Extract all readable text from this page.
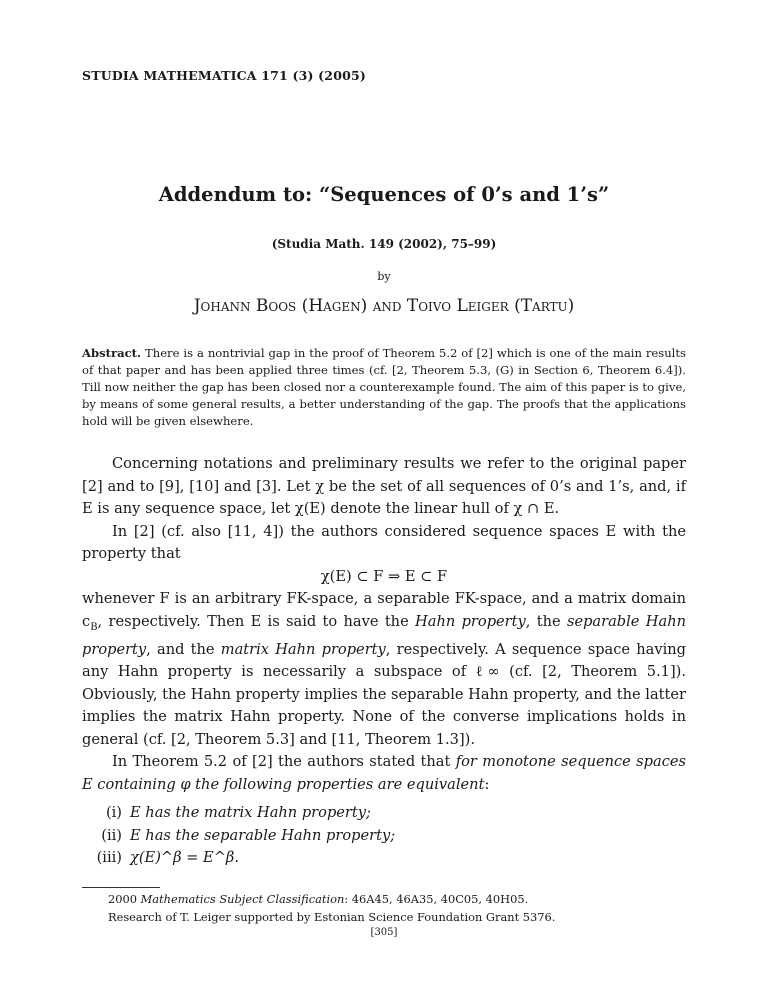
STUDIA MATHEMATICA 171 (3) (2005)
Addendum to: “Sequences of 0’s and 1’s”
(Studia Math. 149 (2002), 75–99)
by
Johann Boos (Hagen) and Toivo Leiger (Tartu)

Abstract. There is a nontrivial gap in the proof of Theorem 5.2 of [2] which is one of the main results of that paper and has been applied three times (cf. [2, Theorem 5.3, (G) in Section 6, Theorem 6.4]). Till now neither the gap has been closed nor a counterexample found. The aim of this paper is to give, by means of some general results, a better understanding of the gap. The proofs that the applications hold will be given elsewhere.

Concerning notations and preliminary results we refer to the original paper [2] and to [9], [10] and [3]. Let χ be the set of all sequences of 0’s and 1’s, and, if E is any sequence space, let χ(E) denote the linear hull of χ ∩ E.

In [2] (cf. also [11, 4]) the authors considered sequence spaces E with the property that

χ(E) ⊂ F ⇒ E ⊂ F

whenever F is an arbitrary FK-space, a separable FK-space, and a matrix domain $c_B$, respectively. Then E is said to have the Hahn property, the separable Hahn property, and the matrix Hahn property, respectively. A sequence space having any Hahn property is necessarily a subspace of ℓ∞ (cf. [2, Theorem 5.1]). Obviously, the Hahn property implies the separable Hahn property, and the latter implies the matrix Hahn property. None of the converse implications holds in general (cf. [2, Theorem 5.3] and [11, Theorem 1.3]).

In Theorem 5.2 of [2] the authors stated that for monotone sequence spaces E containing φ the following properties are equivalent:

(i) E has the matrix Hahn property;
(ii) E has the separable Hahn property;
(iii) χ(E)^β = E^β.

2000 Mathematics Subject Classification: 46A45, 46A35, 40C05, 40H05.

Research of T. Leiger supported by Estonian Science Foundation Grant 5376.

[305]
